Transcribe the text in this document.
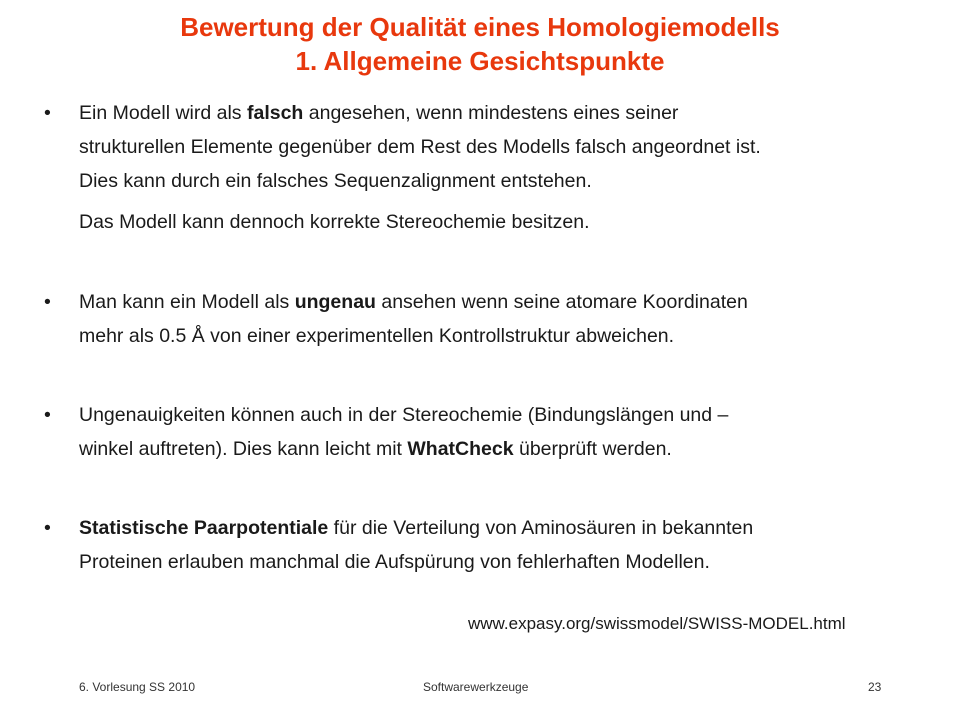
Bewertung der Qualität eines Homologiemodells
1. Allgemeine Gesichtspunkte
• Ein Modell wird als falsch angesehen, wenn mindestens eines seiner
strukturellen Elemente gegenüber dem Rest des Modells falsch angeordnet ist.
Dies kann durch ein falsches Sequenzalignment entstehen.
Das Modell kann dennoch korrekte Stereochemie besitzen.
• Man kann ein Modell als ungenau ansehen wenn seine atomare Koordinaten
mehr als 0.5 Å von einer experimentellen Kontrollstruktur abweichen.
• Ungenauigkeiten können auch in der Stereochemie (Bindungslängen und –
winkel auftreten). Dies kann leicht mit WhatCheck überprüft werden.
• Statistische Paarpotentiale für die Verteilung von Aminosäuren in bekannten
Proteinen erlauben manchmal die Aufspürung von fehlerhaften Modellen.
www.expasy.org/swissmodel/SWISS-MODEL.html
6. Vorlesung SS 2010	Softwarewerkzeuge	23
